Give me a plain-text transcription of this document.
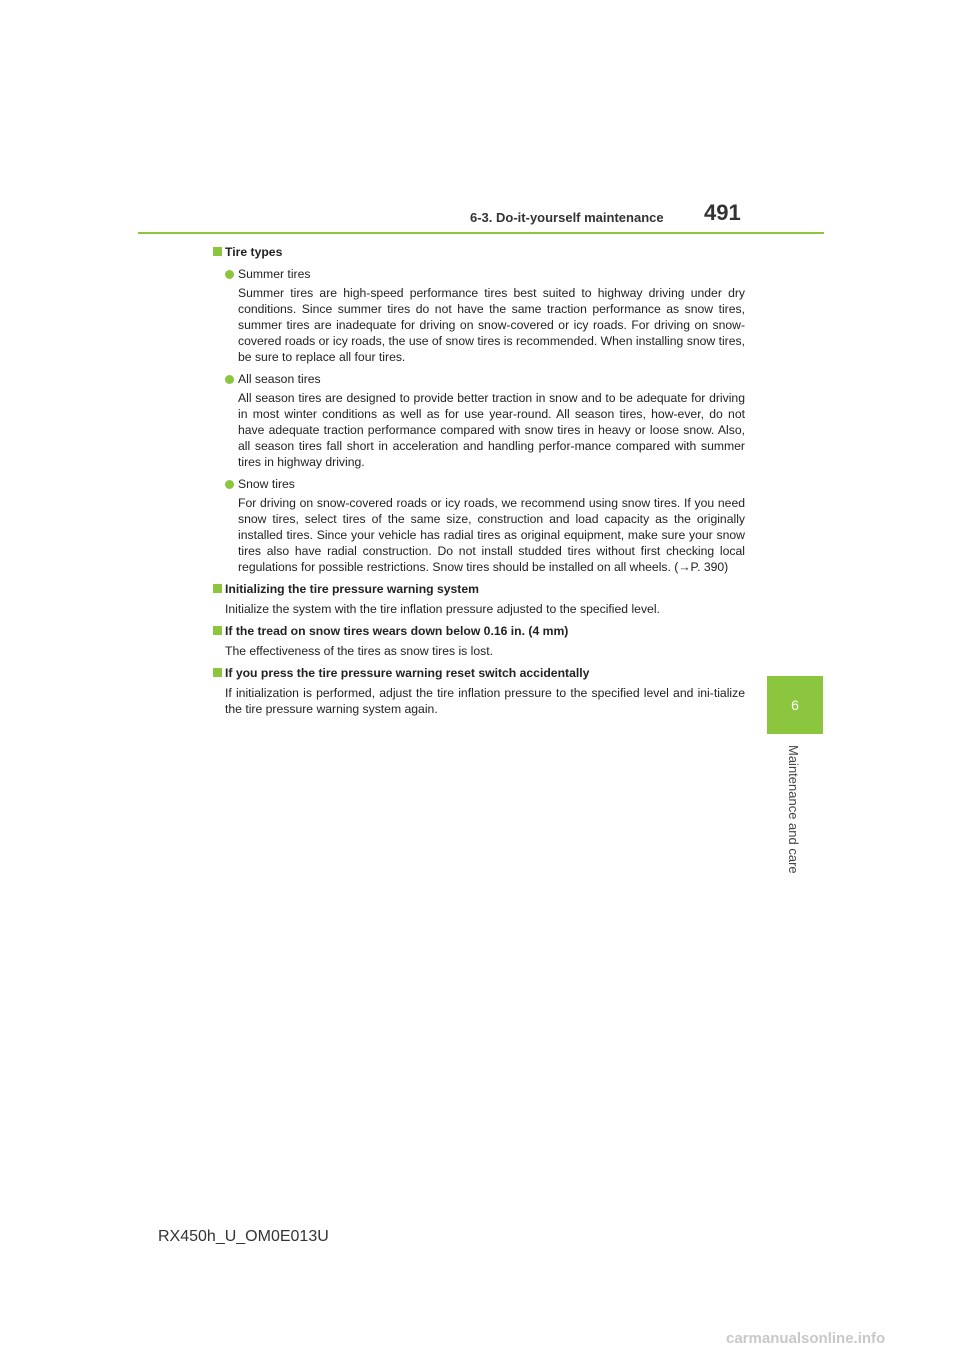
6-3. Do-it-yourself maintenance 491
6
Maintenance and care
Tire types
Summer tires
Summer tires are high-speed performance tires best suited to highway driving under dry conditions. Since summer tires do not have the same traction performance as snow tires, summer tires are inadequate for driving on snow-covered or icy roads. For driving on snow-covered roads or icy roads, the use of snow tires is recommended. When installing snow tires, be sure to replace all four tires.
All season tires
All season tires are designed to provide better traction in snow and to be adequate for driving in most winter conditions as well as for use year-round. All season tires, how-ever, do not have adequate traction performance compared with snow tires in heavy or loose snow. Also, all season tires fall short in acceleration and handling perfor-mance compared with summer tires in highway driving.
Snow tires
For driving on snow-covered roads or icy roads, we recommend using snow tires. If you need snow tires, select tires of the same size, construction and load capacity as the originally installed tires. Since your vehicle has radial tires as original equipment, make sure your snow tires also have radial construction. Do not install studded tires without first checking local regulations for possible restrictions. Snow tires should be installed on all wheels. (→P. 390)
Initializing the tire pressure warning system
Initialize the system with the tire inflation pressure adjusted to the specified level.
If the tread on snow tires wears down below 0.16 in. (4 mm)
The effectiveness of the tires as snow tires is lost.
If you press the tire pressure warning reset switch accidentally
If initialization is performed, adjust the tire inflation pressure to the specified level and ini-tialize the tire pressure warning system again.
RX450h_U_OM0E013U
carmanualsonline.info
